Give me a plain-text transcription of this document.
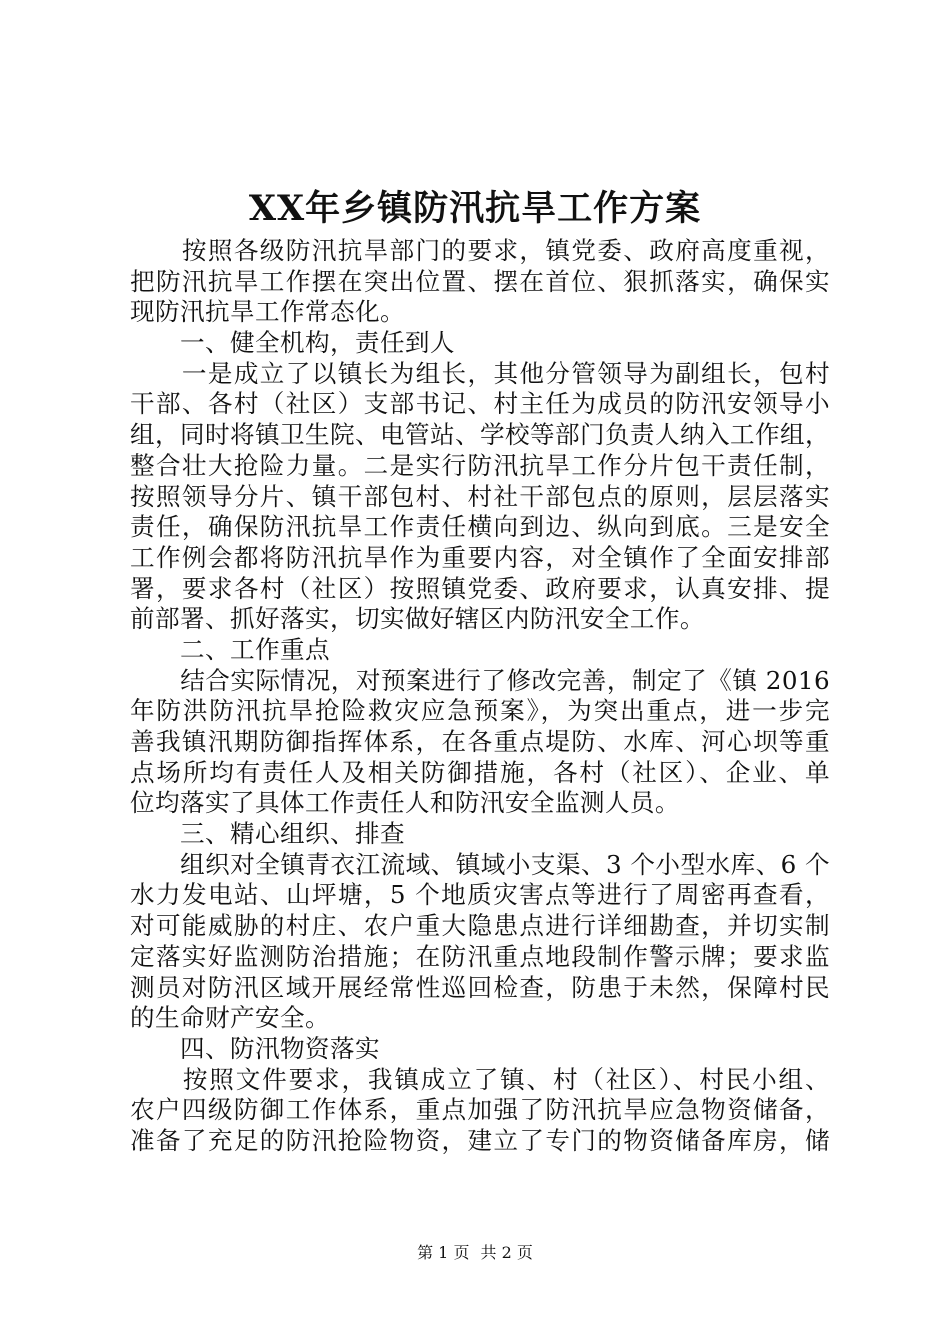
XX年乡镇防汛抗旱工作方案
　　按照各级防汛抗旱部门的要求，镇党委、政府高度重视，
把防汛抗旱工作摆在突出位置、摆在首位、狠抓落实，确保实
现防汛抗旱工作常态化。
　　一、健全机构，责任到人
　　一是成立了以镇长为组长，其他分管领导为副组长，包村
干部、各村（社区）支部书记、村主任为成员的防汛安领导小
组，同时将镇卫生院、电管站、学校等部门负责人纳入工作组，
整合壮大抢险力量。二是实行防汛抗旱工作分片包干责任制，
按照领导分片、镇干部包村、村社干部包点的原则，层层落实
责任，确保防汛抗旱工作责任横向到边、纵向到底。三是安全
工作例会都将防汛抗旱作为重要内容，对全镇作了全面安排部
署，要求各村（社区）按照镇党委、政府要求，认真安排、提
前部署、抓好落实，切实做好辖区内防汛安全工作。
　　二、工作重点
　　结合实际情况，对预案进行了修改完善，制定了《镇 2016
年防洪防汛抗旱抢险救灾应急预案》，为突出重点，进一步完
善我镇汛期防御指挥体系，在各重点堤防、水库、河心坝等重
点场所均有责任人及相关防御措施，各村（社区）、企业、单
位均落实了具体工作责任人和防汛安全监测人员。
　　三、精心组织、排查
　　组织对全镇青衣江流域、镇域小支渠、3 个小型水库、6 个
水力发电站、山坪塘，5 个地质灾害点等进行了周密再查看，
对可能威胁的村庄、农户重大隐患点进行详细勘查，并切实制
定落实好监测防治措施；在防汛重点地段制作警示牌；要求监
测员对防汛区域开展经常性巡回检查，防患于未然，保障村民
的生命财产安全。
　　四、防汛物资落实
　　按照文件要求，我镇成立了镇、村（社区）、村民小组、
农户四级防御工作体系，重点加强了防汛抗旱应急物资储备，
准备了充足的防汛抢险物资，建立了专门的物资储备库房，储
第 1 页 共 2 页
